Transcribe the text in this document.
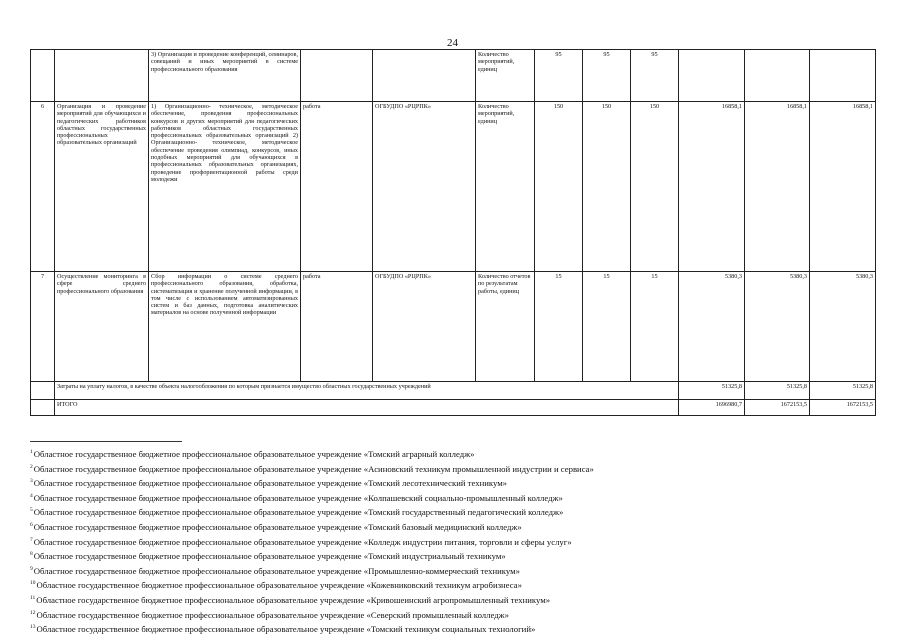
24
		3) Организация и проведение конференций, семинаров, совещаний и иных мероприятий в системе профессионального образования			Количество мероприятий, единиц	95	95	95			
6	Организация и проведение мероприятий для обучающихся и педагогических работников областных государственных профессиональных образовательных организаций	1) Организационно- техническое, методическое обеспечение, проведения профессиональных конкурсов и других мероприятий для педагогических работников областных государственных профессиональных образовательных организаций 2) Организационно- техническое, методическое обеспечение проведения олимпиад, конкурсов, иных подобных мероприятий для обучающихся в профессиональных образовательных организациях, проведение профориентационной работы среди молодежи	работа	ОГБУДПО «РЦРПК»	Количество мероприятий, единиц	150	150	150	16858,1	16858,1	16858,1
7	Осуществление мониторинга в сфере среднего профессионального образования	Сбор информации о системе среднего профессионального образования, обработка, систематизация и хранение полученной информации, в том числе с использованием автоматизированных систем и баз данных, подготовка аналитических материалов на основе полученной информации	работа	ОГБУДПО «РЦРПК»	Количество отчетов по результатам работы, единиц	15	15	15	5380,3	5380,3	5380,3
	Затраты на уплату налогов, в качестве объекта налогообложения по которым признается имущество областных государственных учреждений								51325,8	51325,8	51325,8
	ИТОГО								1696980,7	1672153,5	1672153,5
$^1$Областное государственное бюджетное профессиональное образовательное учреждение «Томский аграрный колледж»
$^2$Областное государственное бюджетное профессиональное образовательное учреждение «Асиновский техникум промышленной индустрии и сервиса»
$^3$Областное государственное бюджетное профессиональное образовательное учреждение «Томский лесотехнический техникум»
$^4$Областное государственное бюджетное профессиональное образовательное учреждение «Колпашевский социально-промышленный колледж»
$^5$Областное государственное бюджетное профессиональное образовательное учреждение «Томский государственный педагогический колледж»
$^6$Областное государственное бюджетное профессиональное образовательное учреждение «Томский базовый медицинский колледж»
$^7$Областное государственное бюджетное профессиональное образовательное учреждение «Колледж индустрии питания, торговли и сферы услуг»
$^8$Областное государственное бюджетное профессиональное образовательное учреждение «Томский индустриальный техникум»
$^9$Областное государственное бюджетное профессиональное образовательное учреждение «Промышленно-коммерческий техникум»
$^{10}$Областное государственное бюджетное профессиональное образовательное учреждение «Кожевниковский техникум агробизнеса»
$^{11}$Областное государственное бюджетное профессиональное образовательное учреждение «Кривошеинский агропромышленный техникум»
$^{12}$Областное государственное бюджетное профессиональное образовательное учреждение «Северский промышленный колледж»
$^{13}$Областное государственное бюджетное профессиональное образовательное учреждение «Томский техникум социальных технологий»
